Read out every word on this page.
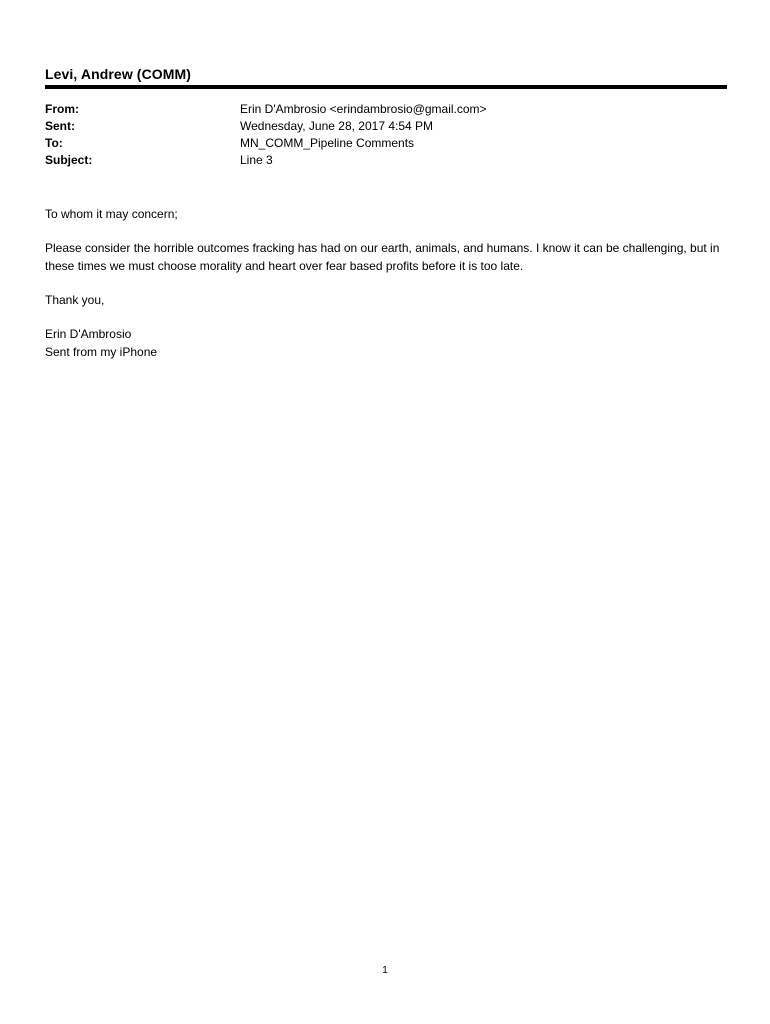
Levi, Andrew (COMM)
From:	Erin D'Ambrosio <erindambrosio@gmail.com>
Sent:	Wednesday, June 28, 2017 4:54 PM
To:	MN_COMM_Pipeline Comments
Subject:	Line 3

To whom it may concern;

Please consider the horrible outcomes fracking has had on our earth, animals, and humans. I know it can be challenging, but in these times we must choose morality and heart over fear based profits before it is too late.

Thank you,

Erin D'Ambrosio

Sent from my iPhone

1
